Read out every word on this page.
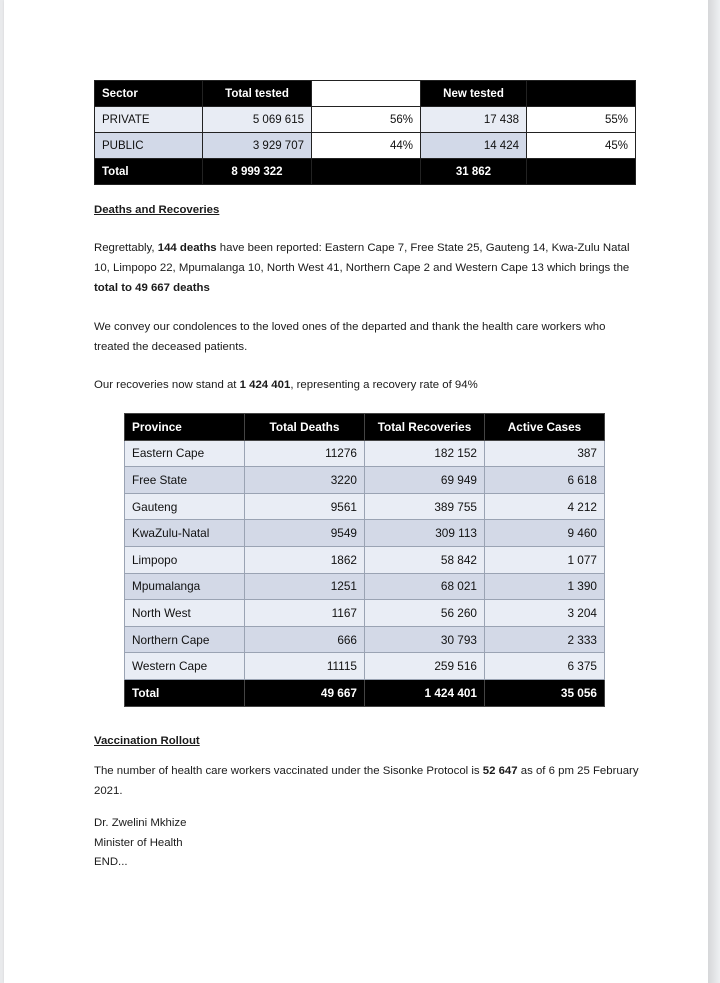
Sector	Total tested		New tested	
PRIVATE	5 069 615	56%	17 438	55%
PUBLIC	3 929 707	44%	14 424	45%
Total	8 999 322		31 862	
Deaths and Recoveries
Regrettably, 144 deaths have been reported: Eastern Cape 7, Free State 25, Gauteng 14, Kwa-Zulu Natal 10, Limpopo 22, Mpumalanga 10, North West 41, Northern Cape 2 and Western Cape 13 which brings the total to 49 667 deaths
We convey our condolences to the loved ones of the departed and thank the health care workers who treated the deceased patients.
Our recoveries now stand at 1 424 401, representing a recovery rate of 94%
Province	Total Deaths	Total Recoveries	Active Cases
Eastern Cape	11276	182 152	387
Free State	3220	69 949	6 618
Gauteng	9561	389 755	4 212
KwaZulu-Natal	9549	309 113	9 460
Limpopo	1862	58 842	1 077
Mpumalanga	1251	68 021	1 390
North West	1167	56 260	3 204
Northern Cape	666	30 793	2 333
Western Cape	11115	259 516	6 375
Total	49 667	1 424 401	35 056
Vaccination Rollout
The number of health care workers vaccinated under the Sisonke Protocol is 52 647 as of 6 pm 25 February 2021.
Dr. Zwelini Mkhize
Minister of Health
END...
